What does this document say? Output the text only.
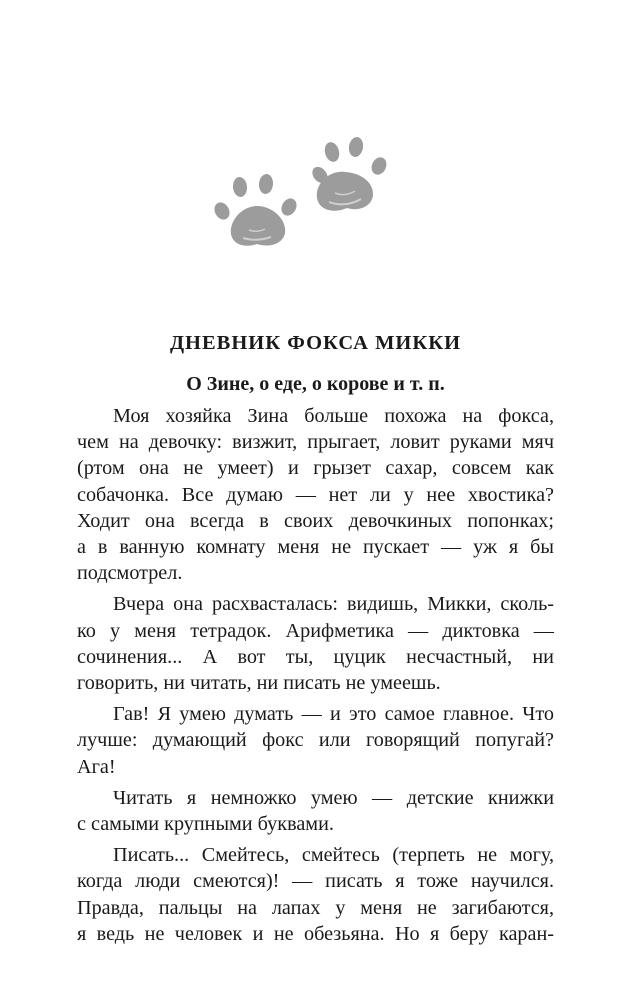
ДНЕВНИК ФОКСА МИККИ
О Зине, о еде, о корове и т. п.

Моя хозяйка Зина больше похожа на фокса,
чем на девочку: визжит, прыгает, ловит руками мяч
(ртом она не умеет) и грызет сахар, совсем как
собачонка. Все думаю — нет ли у нее хвостика?
Ходит она всегда в своих девочкиных попонках;
а в ванную комнату меня не пускает — уж я бы
подсмотрел.

Вчера она расхвасталась: видишь, Микки, сколь-
ко у меня тетрадок. Арифметика — диктовка —
сочинения... А вот ты, цуцик несчастный, ни
говорить, ни читать, ни писать не умеешь.

Гав! Я умею думать — и это самое главное. Что
лучше: думающий фокс или говорящий попугай?
Ага!

Читать я немножко умею — детские книжки
с самыми крупными буквами.

Писать... Смейтесь, смейтесь (терпеть не могу,
когда люди смеются)! — писать я тоже научился.
Правда, пальцы на лапах у меня не загибаются,
я ведь не человек и не обезьяна. Но я беру каран-
